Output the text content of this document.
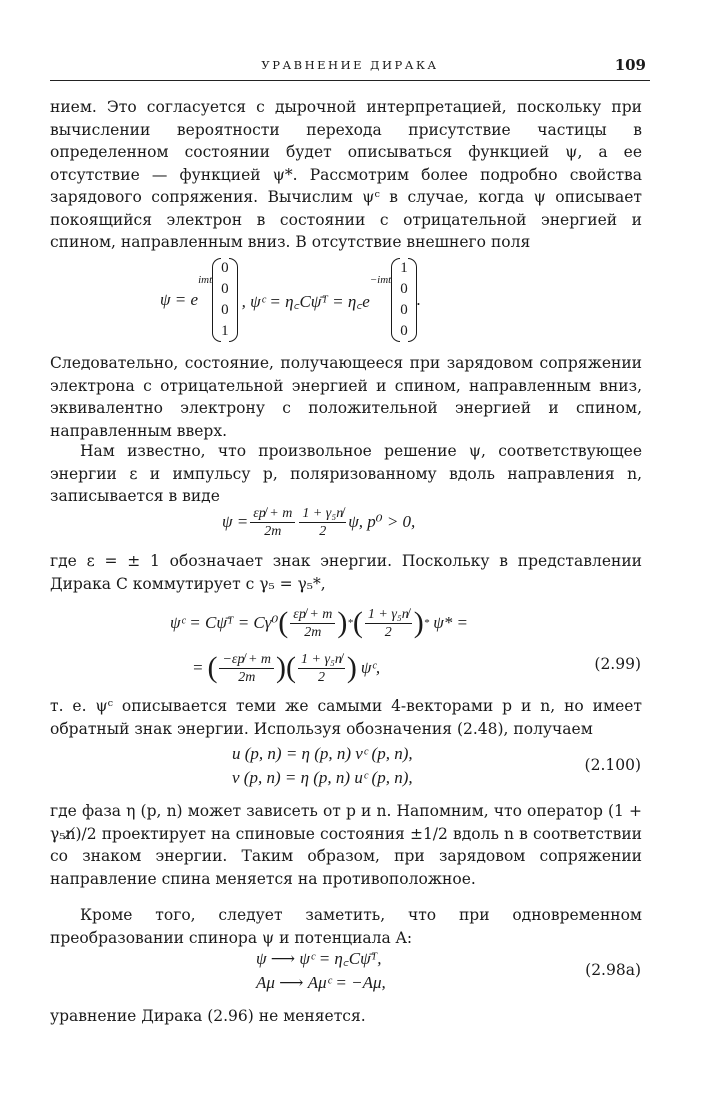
УРАВНЕНИЕ ДИРАКА	109

нием. Это согласуется с дырочной интерпретацией, поскольку при вычислении вероятности перехода присутствие частицы в определенном состоянии будет описываться функцией ψ, а ее отсутствие — функцией ψ*. Рассмотрим более подробно свойства зарядового сопряжения. Вычислим ψᶜ в случае, когда ψ описывает покоящийся электрон в состоянии с отрицательной энергией и спином, направленным вниз. В отсутствие внешнего поля

ψ = e
imt
0
0
0
1
, ψᶜ = η꜀Cψ̄ᵀ = η꜀e
−imt
1
0
0
0
.

Следовательно, состояние, получающееся при зарядовом сопряжении электрона с отрицательной энергией и спином, направленным вниз, эквивалентно электрону с положительной энергией и спином, направленным вверх.

Нам известно, что произвольное решение ψ, соответствующее энергии ε и импульсу p, поляризованному вдоль направления n, записывается в виде

$\psi = \frac{\varepsilon p̸ + m}{2m} \frac{\text{1 + γ₅n̸}}{2} \psi$, p⁰ > 0,

где ε = ± 1 обозначает знак энергии. Поскольку в представлении Дирака C коммутирует с γ₅ = γ₅*,

ψᶜ = Cψ̄ᵀ = Cγ⁰ ( $\frac{\varepsilon p̸ + m}{2m}$ ) * ( $\frac{\text{1 + γ₅n̸}}{2}$ ) * ψ* =
= ( $\frac{-\varepsilon p̸ + m}{2m}$ ) ( $\frac{\text{1 + γ₅n̸}}{2}$ ) ψᶜ,	(2.99)

т. е. ψᶜ описывается теми же самыми 4-векторами p и n, но имеет обратный знак энергии. Используя обозначения (2.48), получаем

u (p, n) = η (p, n) vᶜ (p, n),
v (p, n) = η (p, n) uᶜ (p, n),
(2.100)

где фаза η (p, n) может зависеть от p и n. Напомним, что оператор (1 + γ₅n̸)/2 проектирует на спиновые состояния ±1/2 вдоль n в соответствии со знаком энергии. Таким образом, при зарядовом сопряжении направление спина меняется на противоположное.

Кроме того, следует заметить, что при одновременном преобразовании спинора ψ и потенциала A:

ψ ⟶ ψᶜ = η꜀Cψ̄ᵀ,
Aμ ⟶ Aμᶜ = −Aμ,
(2.98a)

уравнение Дирака (2.96) не меняется.
